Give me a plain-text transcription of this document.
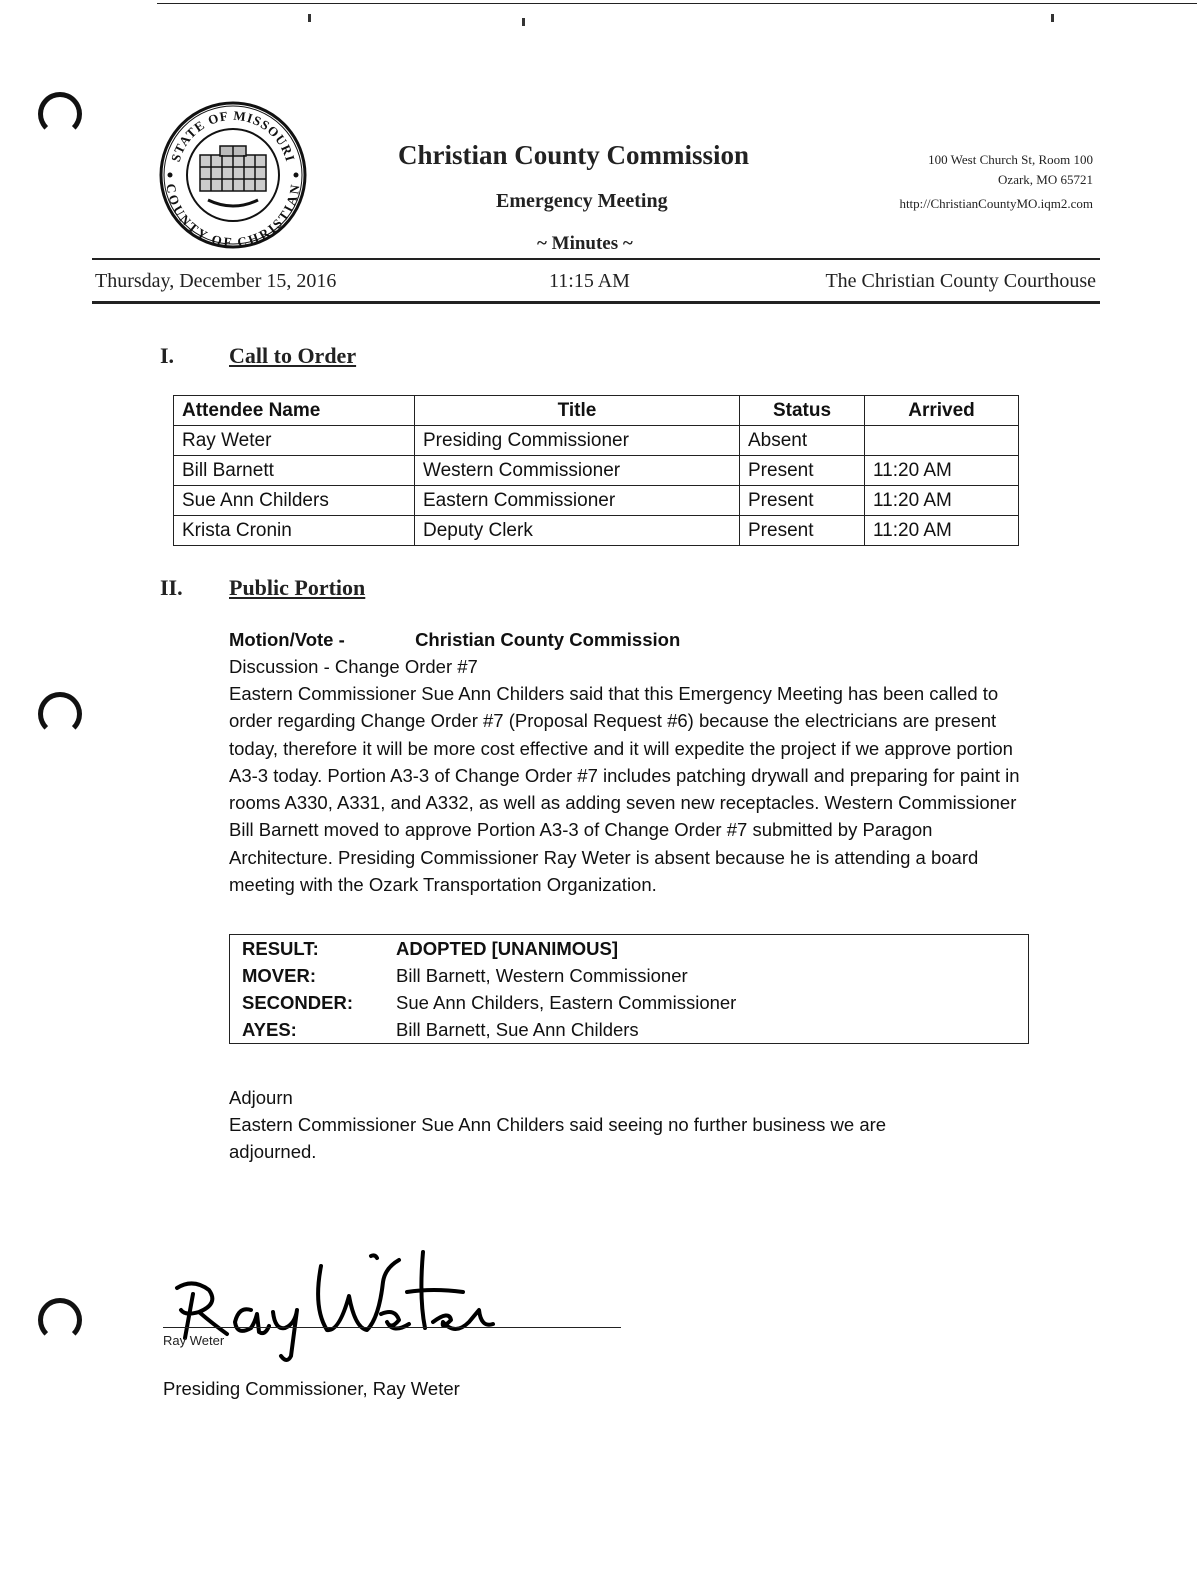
STATE OF MISSOURI
COUNTY OF CHRISTIAN
Christian County Commission
Emergency Meeting
~ Minutes ~
100 West Church St, Room 100
Ozark, MO 65721
http://ChristianCountyMO.iqm2.com
Thursday, December 15, 2016	11:15 AM	The Christian County Courthouse
I. Call to Order
Attendee Name	Title	Status	Arrived
Ray Weter	Presiding Commissioner	Absent	
Bill Barnett	Western Commissioner	Present	11:20 AM
Sue Ann Childers	Eastern Commissioner	Present	11:20 AM
Krista Cronin	Deputy Clerk	Present	11:20 AM
II. Public Portion
Motion/Vote -	Christian County Commission
Discussion - Change Order #7
Eastern Commissioner Sue Ann Childers said that this Emergency Meeting has been called to order regarding Change Order #7 (Proposal Request #6) because the electricians are present today, therefore it will be more cost effective and it will expedite the project if we approve portion A3-3 today. Portion A3-3 of Change Order #7 includes patching drywall and preparing for paint in rooms A330, A331, and A332, as well as adding seven new receptacles. Western Commissioner Bill Barnett moved to approve Portion A3-3 of Change Order #7 submitted by Paragon Architecture. Presiding Commissioner Ray Weter is absent because he is attending a board meeting with the Ozark Transportation Organization.
RESULT:	ADOPTED [UNANIMOUS]
MOVER:	Bill Barnett, Western Commissioner
SECONDER:	Sue Ann Childers, Eastern Commissioner
AYES:	Bill Barnett, Sue Ann Childers
Adjourn
Eastern Commissioner Sue Ann Childers said seeing no further business we are adjourned.
Ray Weter
Presiding Commissioner, Ray Weter
